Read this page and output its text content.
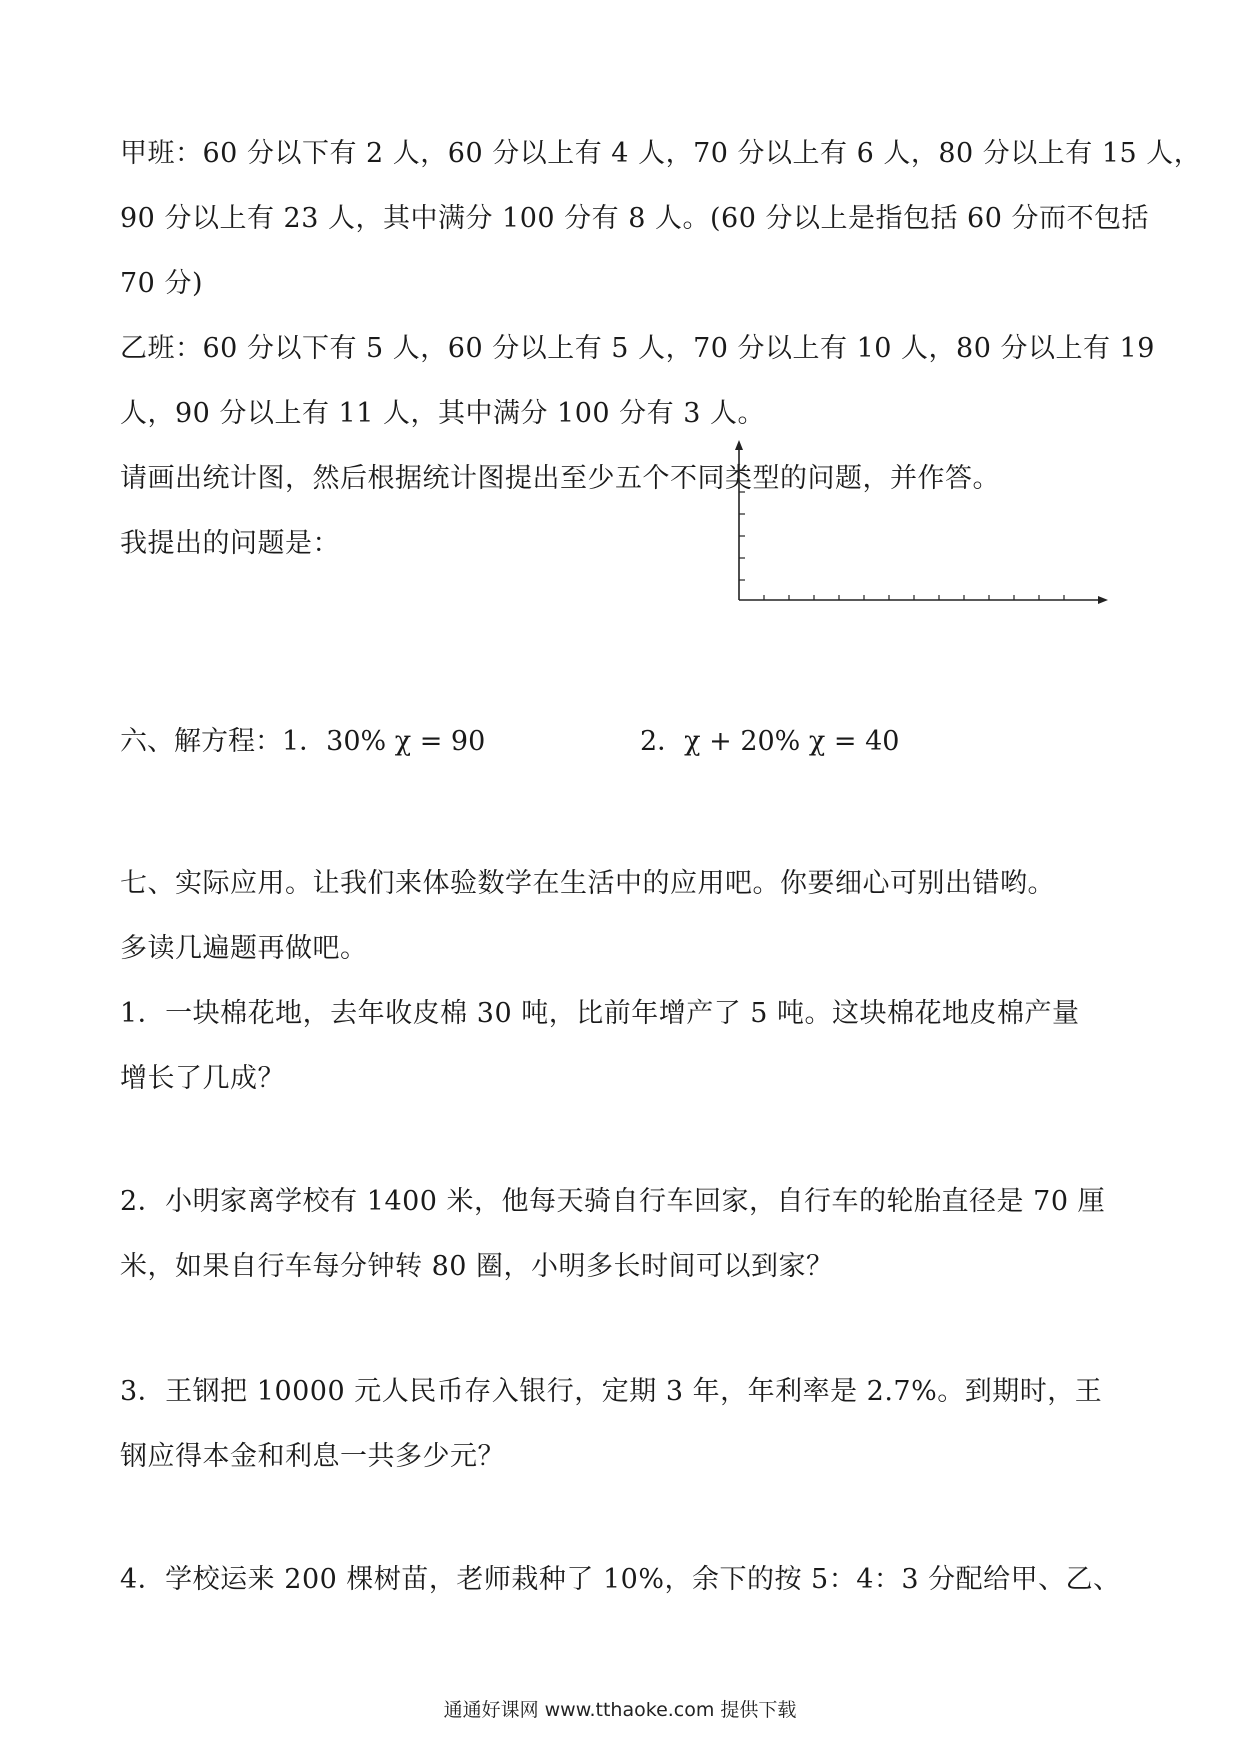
甲班：60 分以下有 2 人，60 分以上有 4 人，70 分以上有 6 人，80 分以上有 15 人，
90 分以上有 23 人，其中满分 100 分有 8 人。(60 分以上是指包括 60 分而不包括
70 分)
乙班：60 分以下有 5 人，60 分以上有 5 人，70 分以上有 10 人，80 分以上有 19
人，90 分以上有 11 人，其中满分 100 分有 3 人。
请画出统计图，然后根据统计图提出至少五个不同类型的问题，并作答。
我提出的问题是：
六、解方程： 1．30% χ = 90	2．χ + 20% χ = 40
七、实际应用。让我们来体验数学在生活中的应用吧。你要细心可别出错哟。
多读几遍题再做吧。
1．一块棉花地，去年收皮棉 30 吨，比前年增产了 5 吨。这块棉花地皮棉产量
增长了几成？
2．小明家离学校有 1400 米，他每天骑自行车回家，自行车的轮胎直径是 70 厘
米，如果自行车每分钟转 80 圈，小明多长时间可以到家？
3．王钢把 10000 元人民币存入银行，定期 3 年，年利率是 2.7%。到期时，王
钢应得本金和利息一共多少元？
4．学校运来 200 棵树苗，老师栽种了 10%，余下的按 5：4：3 分配给甲、乙、
通通好课网 www.tthaoke.com 提供下载
